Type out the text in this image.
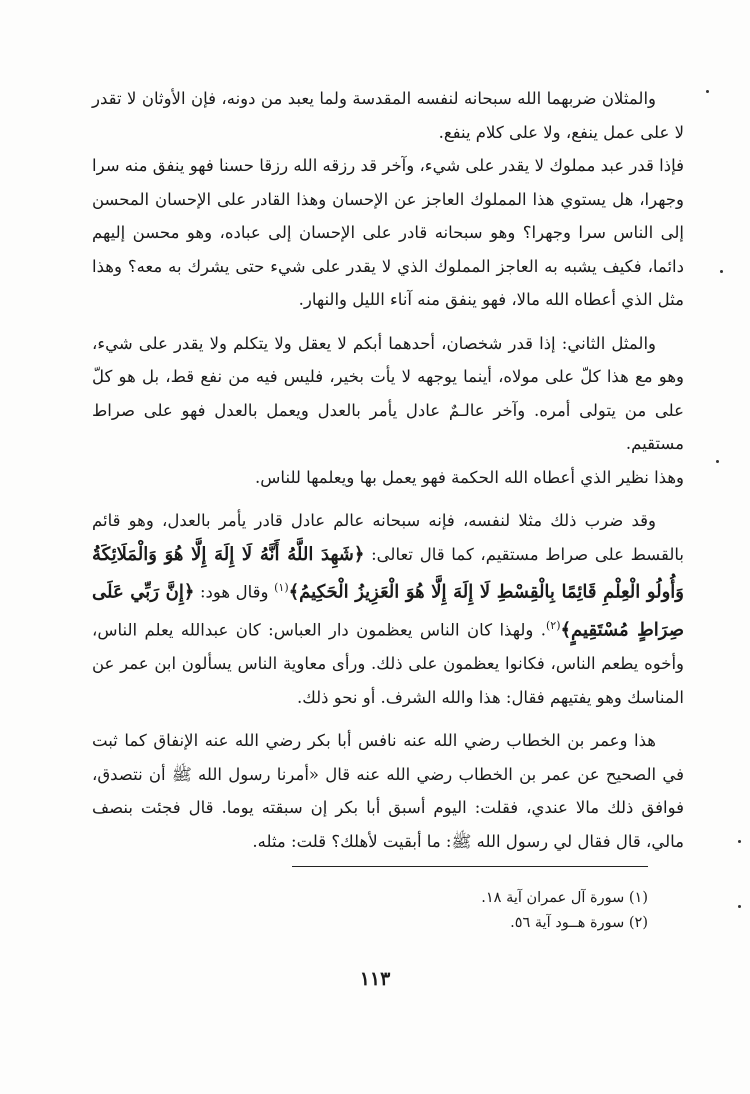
والمثلان ضربهما الله سبحانه لنفسه المقدسة ولما يعبد من دونه، فإن الأوثان لا تقدر لا على عمل ينفع، ولا على كلام ينفع.

فإذا قدر عبد مملوك لا يقدر على شيء، وآخر قد رزقه الله رزقا حسنا فهو ينفق منه سرا وجهرا، هل يستوي هذا المملوك العاجز عن الإحسان وهذا القادر على الإحسان المحسن إلى الناس سرا وجهرا؟ وهو سبحانه قادر على الإحسان إلى عباده، وهو محسن إليهم دائما، فكيف يشبه به العاجز المملوك الذي لا يقدر على شيء حتى يشرك به معه؟ وهذا مثل الذي أعطاه الله مالا، فهو ينفق منه آناء الليل والنهار.

والمثل الثاني: إذا قدر شخصان، أحدهما أبكم لا يعقل ولا يتكلم ولا يقدر على شيء، وهو مع هذا كلّ على مولاه، أينما يوجهه لا يأت بخير، فليس فيه من نفع قط، بل هو كلّ على من يتولى أمره. وآخر عالـمٌ عادل يأمر بالعدل ويعمل بالعدل فهو على صراط مستقيم.

وهذا نظير الذي أعطاه الله الحكمة فهو يعمل بها ويعلمها للناس.

وقد ضرب ذلك مثلا لنفسه، فإنه سبحانه عالم عادل قادر يأمر بالعدل، وهو قائم بالقسط على صراط مستقيم، كما قال تعالى: ﴿شَهِدَ اللَّهُ أَنَّهُ لَا إِلَهَ إِلَّا هُوَ وَالْمَلَائِكَةُ وَأُولُو الْعِلْمِ قَائِمًا بِالْقِسْطِ لَا إِلَهَ إِلَّا هُوَ الْعَزِيزُ الْحَكِيمُ﴾$^{(١)}$ وقال هود: ﴿إِنَّ رَبِّي عَلَى صِرَاطٍ مُسْتَقِيمٍ﴾$^{(٢)}$. ولهذا كان الناس يعظمون دار العباس: كان عبدالله يعلم الناس، وأخوه يطعم الناس، فكانوا يعظمون على ذلك. ورأى معاوية الناس يسألون ابن عمر عن المناسك وهو يفتيهم فقال: هذا والله الشرف. أو نحو ذلك.

هذا وعمر بن الخطاب رضي الله عنه نافس أبا بكر رضي الله عنه الإنفاق كما ثبت في الصحيح عن عمر بن الخطاب رضي الله عنه قال «أمرنا رسول الله ﷺ أن نتصدق، فوافق ذلك مالا عندي، فقلت: اليوم أسبق أبا بكر إن سبقته يوما. قال فجئت بنصف مالي، قال فقال لي رسول الله ﷺ: ما أبقيت لأهلك؟ قلت: مثله.

(١) سورة آل عمران آية ١٨.

(٢) سورة هــود آية ٥٦.

١١٣
